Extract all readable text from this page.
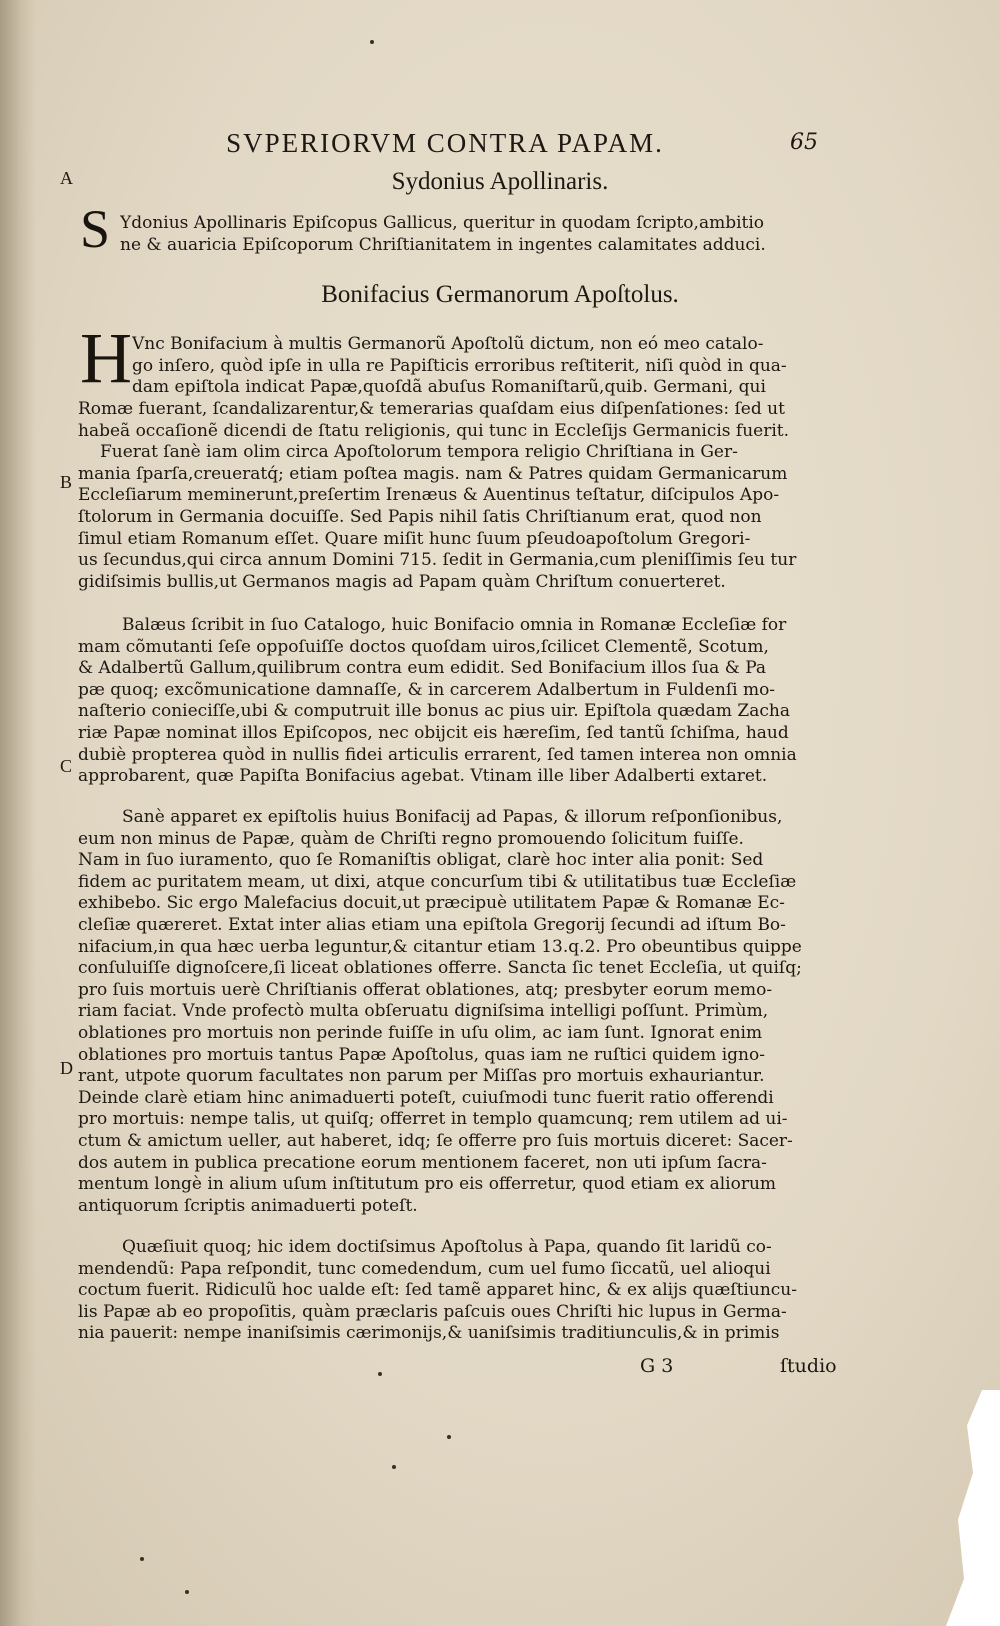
SVPERIORVM CONTRA PAPAM.	65
A
B
C
D
Sydonius Apollinaris.
S Ydonius Apollinaris Epiſcopus Gallicus, queritur in quodam ſcripto,ambitio
ne & auaricia Epiſcoporum Chriſtianitatem in ingentes calamitates adduci.
Bonifacius Germanorum Apoſtolus.
H Vnc Bonifacium à multis Germanorũ Apoſtolũ dictum, non eó meo catalo-
go inſero, quòd ipſe in ulla re Papiſticis erroribus reſtiterit, niſi quòd in qua-
dam epiſtola indicat Papæ,quoſdã abuſus Romaniſtarũ,quib. Germani, qui
Romæ fuerant, ſcandalizarentur,& temerarias quaſdam eius diſpenſationes: ſed ut
habeã occaſionẽ dicendi de ſtatu religionis, qui tunc in Eccleſijs Germanicis fuerit.
Fuerat ſanè iam olim circa Apoſtolorum tempora religio Chriſtiana in Ger-
mania ſparſa,creueratq́; etiam poſtea magis. nam & Patres quidam Germanicarum
Eccleſiarum meminerunt,preſertim Irenæus & Auentinus teſtatur, diſcipulos Apo-
ſtolorum in Germania docuiſſe. Sed Papis nihil ſatis Chriſtianum erat, quod non
ſimul etiam Romanum eſſet. Quare miſit hunc ſuum pſeudoapoſtolum Gregori-
us ſecundus,qui circa annum Domini 715. ſedit in Germania,cum pleniſſimis ſeu tur
gidiſsimis bullis,ut Germanos magis ad Papam quàm Chriſtum conuerteret.
Balæus ſcribit in ſuo Catalogo, huic Bonifacio omnia in Romanæ Eccleſiæ for
mam cõmutanti ſeſe oppoſuiſſe doctos quoſdam uiros,ſcilicet Clementẽ, Scotum,
& Adalbertũ Gallum,quilibrum contra eum edidit. Sed Bonifacium illos ſua & Pa
pæ quoq; excõmunicatione damnaſſe, & in carcerem Adalbertum in Fuldenſi mo-
naſterio conieciſſe,ubi & computruit ille bonus ac pius uir. Epiſtola quædam Zacha
riæ Papæ nominat illos Epiſcopos, nec obijcit eis hæreſim, ſed tantũ ſchiſma, haud
dubiè propterea quòd in nullis fidei articulis errarent, ſed tamen interea non omnia
approbarent, quæ Papiſta Bonifacius agebat. Vtinam ille liber Adalberti extaret.
Sanè apparet ex epiſtolis huius Bonifacij ad Papas, & illorum reſponſionibus,
eum non minus de Papæ, quàm de Chriſti regno promouendo ſolicitum fuiſſe.
Nam in ſuo iuramento, quo ſe Romaniſtis obligat, clarè hoc inter alia ponit: Sed
fidem ac puritatem meam, ut dixi, atque concurſum tibi & utilitatibus tuæ Eccleſiæ
exhibebo. Sic ergo Malefacius docuit,ut præcipuè utilitatem Papæ & Romanæ Ec-
cleſiæ quæreret. Extat inter alias etiam una epiſtola Gregorij ſecundi ad iſtum Bo-
nifacium,in qua hæc uerba leguntur,& citantur etiam 13.q.2. Pro obeuntibus quippe
conſuluiſſe dignoſcere,ſi liceat oblationes offerre. Sancta ſic tenet Eccleſia, ut quiſq;
pro ſuis mortuis uerè Chriſtianis offerat oblationes, atq; presbyter eorum memo-
riam faciat. Vnde profectò multa obſeruatu digniſsima intelligi poſſunt. Primùm,
oblationes pro mortuis non perinde fuiſſe in uſu olim, ac iam ſunt. Ignorat enim
oblationes pro mortuis tantus Papæ Apoſtolus, quas iam ne ruſtici quidem igno-
rant, utpote quorum facultates non parum per Miſſas pro mortuis exhauriantur.
Deinde clarè etiam hinc animaduerti poteſt, cuiuſmodi tunc fuerit ratio offerendi
pro mortuis: nempe talis, ut quiſq; offerret in templo quamcunq; rem utilem ad ui-
ctum & amictum ueller, aut haberet, idq; ſe offerre pro ſuis mortuis diceret: Sacer-
dos autem in publica precatione eorum mentionem faceret, non uti ipſum ſacra-
mentum longè in alium uſum inſtitutum pro eis offerretur, quod etiam ex aliorum
antiquorum ſcriptis animaduerti poteſt.
Quæſiuit quoq; hic idem doctiſsimus Apoſtolus à Papa, quando ſit laridũ co-
mendendũ: Papa reſpondit, tunc comedendum, cum uel fumo ſiccatũ, uel alioqui
coctum fuerit. Ridiculũ hoc ualde eſt: ſed tamẽ apparet hinc, & ex alijs quæſtiuncu-
lis Papæ ab eo propoſitis, quàm præclaris paſcuis oues Chriſti hic lupus in Germa-
nia pauerit: nempe inaniſsimis cærimonijs,& uaniſsimis traditiunculis,& in primis
G 3	ſtudio
